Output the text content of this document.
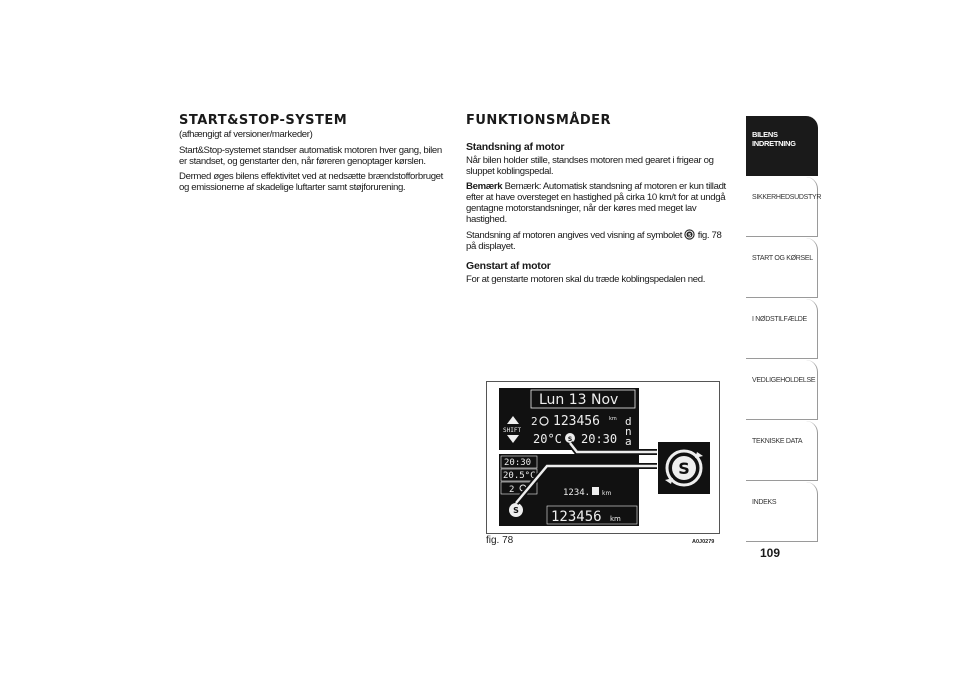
START&STOP-SYSTEM

(afhængigt af versioner/markeder)

Start&Stop-systemet standser automatisk motoren hver gang, bilen er standset, og genstarter den, når føreren genoptager kørslen.

Dermed øges bilens effektivitet ved at nedsætte brændstofforbruget og emissionerne af skadelige luftarter samt støjforurening.

FUNKTIONSMÅDER
Standsning af motor

Når bilen holder stille, standses motoren med gearet i frigear og sluppet koblingspedal.

Bemærk Bemærk: Automatisk standsning af motoren er kun tilladt efter at have oversteget en hastighed på cirka 10 km/t for at undgå gentagne motorstandsninger, når der køres med meget lav hastighed.

Standsning af motoren angives ved visning af symbolet S fig. 78 på displayet.

Genstart af motor

For at genstarte motoren skal du træde koblingspedalen ned.

Lun 13 Nov
SHIFT
2 123456 km
20°C S 20:30
d
n
a
20:30
20.5°C
2
S
1234. km
123456 km
S
fig. 78	A0J0279
BILENS INDRETNING
SIKKERHEDSUDSTYR
START OG KØRSEL
I NØDSTILFÆLDE
VEDLIGEHOLDELSE
TEKNISKE DATA
INDEKS
109
